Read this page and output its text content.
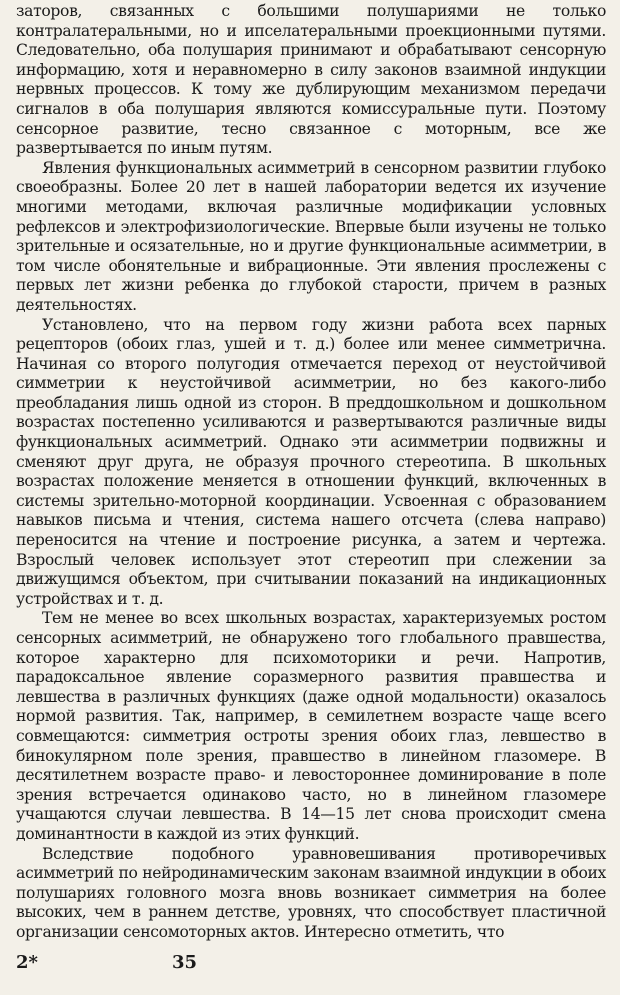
заторов, связанных с большими полушариями не только контралатеральными, но и ипселатеральными проекционными путями. Следовательно, оба полушария принимают и обрабатывают сенсорную информацию, хотя и неравномерно в силу законов взаимной индукции нервных процессов. К тому же дублирующим механизмом передачи сигналов в оба полушария являются комиссуральные пути. Поэтому сенсорное развитие, тесно связанное с моторным, все же развертывается по иным путям.

Явления функциональных асимметрий в сенсорном развитии глубоко своеобразны. Более 20 лет в нашей лаборатории ведется их изучение многими методами, включая различные модификации условных рефлексов и электрофизиологические. Впервые были изучены не только зрительные и осязательные, но и другие функциональные асимметрии, в том числе обонятельные и вибрационные. Эти явления прослежены с первых лет жизни ребенка до глубокой старости, причем в разных деятельностях.

Установлено, что на первом году жизни работа всех парных рецепторов (обоих глаз, ушей и т. д.) более или менее симметрична. Начиная со второго полугодия отмечается переход от неустойчивой симметрии к неустойчивой асимметрии, но без какого-либо преобладания лишь одной из сторон. В преддошкольном и дошкольном возрастах постепенно усиливаются и развертываются различные виды функциональных асимметрий. Однако эти асимметрии подвижны и сменяют друг друга, не образуя прочного стереотипа. В школьных возрастах положение меняется в отношении функций, включенных в системы зрительно-моторной координации. Усвоенная с образованием навыков письма и чтения, система нашего отсчета (слева направо) переносится на чтение и построение рисунка, а затем и чертежа. Взрослый человек использует этот стереотип при слежении за движущимся объектом, при считывании показаний на индикационных устройствах и т. д.

Тем не менее во всех школьных возрастах, характеризуемых ростом сенсорных асимметрий, не обнаружено того глобального правшества, которое характерно для психомоторики и речи. Напротив, парадоксальное явление соразмерного развития правшества и левшества в различных функциях (даже одной модальности) оказалось нормой развития. Так, например, в семилетнем возрасте чаще всего совмещаются: симметрия остроты зрения обоих глаз, левшество в бинокулярном поле зрения, правшество в линейном глазомере. В десятилетнем возрасте право- и левостороннее доминирование в поле зрения встречается одинаково часто, но в линейном глазомере учащаются случаи левшества. В 14—15 лет снова происходит смена доминантности в каждой из этих функций.

Вследствие подобного уравновешивания противоречивых асимметрий по нейродинамическим законам взаимной индукции в обоих полушариях головного мозга вновь возникает симметрия на более высоких, чем в раннем детстве, уровнях, что способствует пластичной организации сенсомоторных актов. Интересно отметить, что

2*	35
